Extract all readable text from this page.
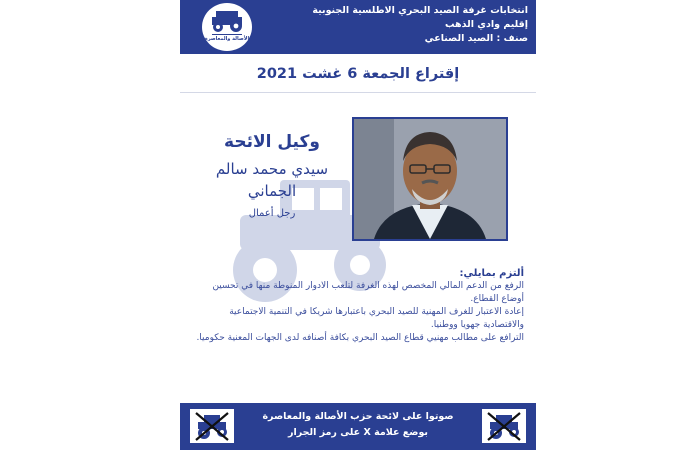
الأصالة والمعاصرة
انتخابات غرفة الصيد البحري الاطلسية الجنوبية
إقليم وادي الذهب
صنف : الصيد الصناعي
إقتراع الجمعة 6 غشت 2021
وكيل الائحة
سيدي محمد سالم
الجماني
رجل أعمال
ألتزم بمايلي:
الرفع من الدعم المالي المخصص لهذه الغرفة لتلعب الادوار المنوطة منها في تحسين أوضاع القطاع.
إعادة الاعتبار للغرف المهنية للصيد البحري باعتبارها شريكا في التنمية الاجتماعية والاقتصادية جهويا ووطنيا.
الترافع على مطالب مهنيي قطاع الصيد البحري بكافة أصنافه لدى الجهات المعنية حكوميا.
صوتوا على لائحة حزب الأصالة والمعاصرة
بوضع علامة X على رمز الجرار
